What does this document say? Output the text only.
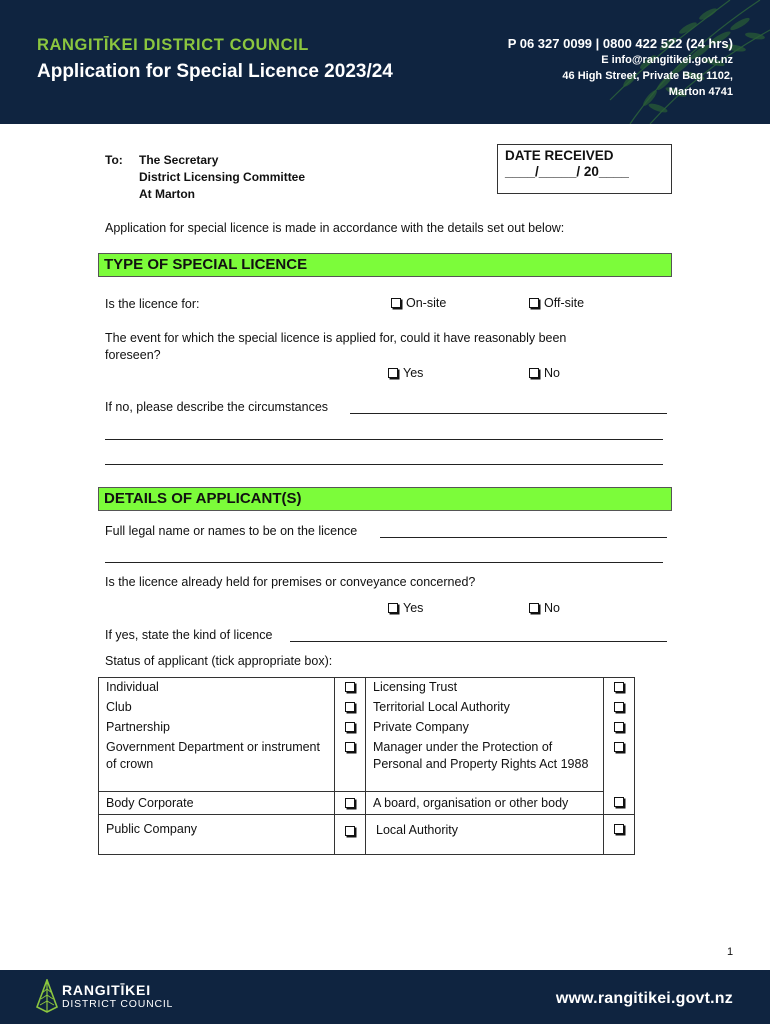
RANGITĪKEI DISTRICT COUNCIL
Application for Special Licence 2023/24
P 06 327 0099 | 0800 422 522 (24 hrs)
E info@rangitikei.govt.nz
46 High Street, Private Bag 1102,
Marton 4741
To: The Secretary
District Licensing Committee
At Marton
DATE RECEIVED
____/_____/ 20____
Application for special licence is made in accordance with the details set out below:
TYPE OF SPECIAL LICENCE
Is the licence for:	On-site	Off-site
The event for which the special licence is applied for, could it have reasonably been
foreseen?
Yes	No
If no, please describe the circumstances
DETAILS OF APPLICANT(S)
Full legal name or names to be on the licence
Is the licence already held for premises or conveyance concerned?
Yes	No
If yes, state the kind of licence
Status of applicant (tick appropriate box):
Individual		Licensing Trust	
Club		Territorial Local Authority	
Partnership		Private Company	
Government Department or instrument of crown		Manager under the Protection of Personal and Property Rights Act 1988	
Body Corporate		A board, organisation or other body	
Public Company		Local Authority	
1
RANGITĪKEI
DISTRICT COUNCIL	www.rangitikei.govt.nz
